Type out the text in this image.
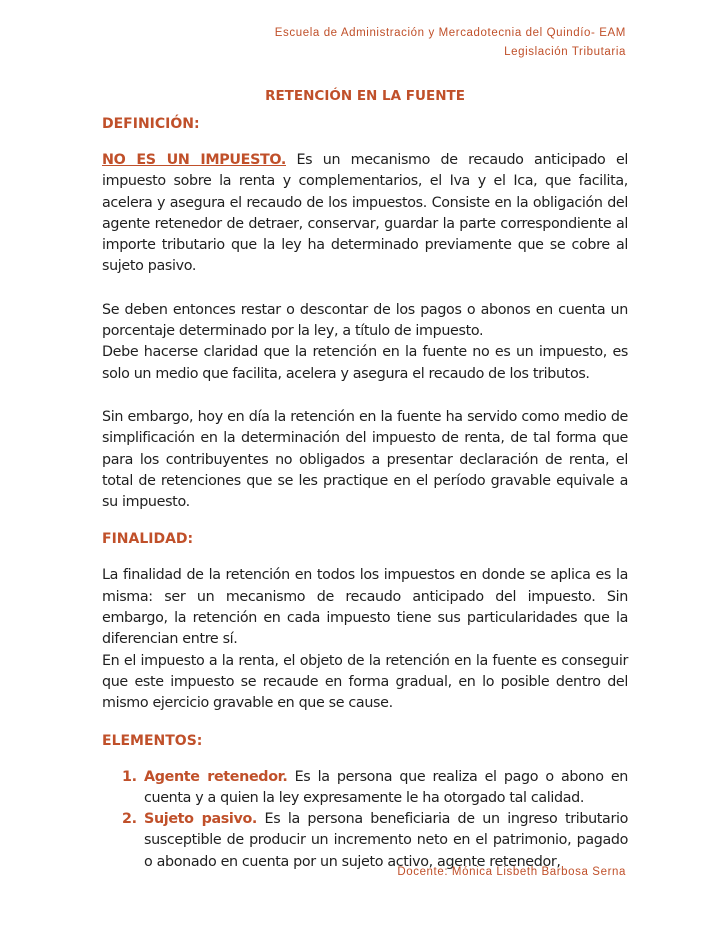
Escuela de Administración y Mercadotecnia del Quindío- EAM
Legislación Tributaria
RETENCIÓN EN LA FUENTE
DEFINICIÓN:

NO ES UN IMPUESTO. Es un mecanismo de recaudo anticipado el impuesto sobre la renta y complementarios, el Iva y el Ica, que facilita, acelera y asegura el recaudo de los impuestos. Consiste en la obligación del agente retenedor de detraer, conservar, guardar la parte correspondiente al importe tributario que la ley ha determinado previamente que se cobre al sujeto pasivo.

Se deben entonces restar o descontar de los pagos o abonos en cuenta un porcentaje determinado por la ley, a título de impuesto.

Debe hacerse claridad que la retención en la fuente no es un impuesto, es solo un medio que facilita, acelera y asegura el recaudo de los tributos.

Sin embargo, hoy en día la retención en la fuente ha servido como medio de simplificación en la determinación del impuesto de renta, de tal forma que para los contribuyentes no obligados a presentar declaración de renta, el total de retenciones que se les practique en el período gravable equivale a su impuesto.

FINALIDAD:

La finalidad de la retención en todos los impuestos en donde se aplica es la misma: ser un mecanismo de recaudo anticipado del impuesto. Sin embargo, la retención en cada impuesto tiene sus particularidades que la diferencian entre sí.

En el impuesto a la renta, el objeto de la retención en la fuente es conseguir que este impuesto se recaude en forma gradual, en lo posible dentro del mismo ejercicio gravable en que se cause.

ELEMENTOS:
1. Agente retenedor. Es la persona que realiza el pago o abono en cuenta y a quien la ley expresamente le ha otorgado tal calidad.
2. Sujeto pasivo. Es la persona beneficiaria de un ingreso tributario susceptible de producir un incremento neto en el patrimonio, pagado o abonado en cuenta por un sujeto activo, agente retenedor,
Docente: Mónica Lisbeth Barbosa Serna
